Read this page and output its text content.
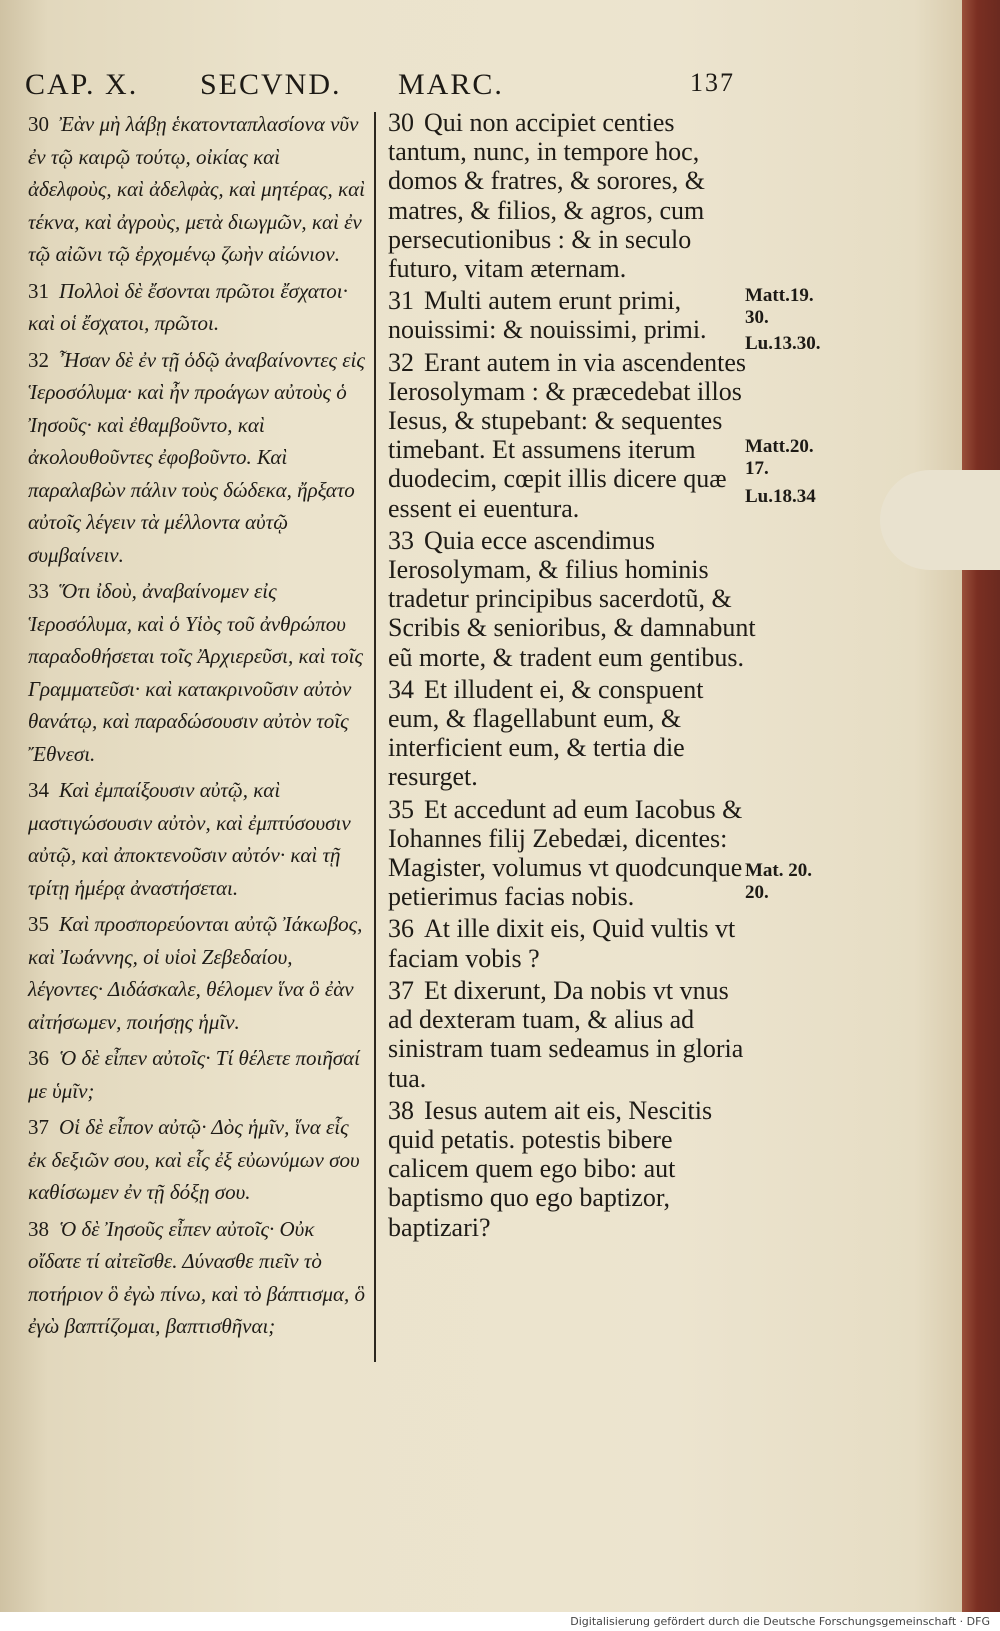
CAP. X. SECVND. MARC.	137
30 Ἐὰν μὴ λάβῃ ἑκατονταπλασίονα νῦν ἐν τῷ καιρῷ τούτῳ, οἰκίας καὶ ἀδελφοὺς, καὶ ἀδελφὰς, καὶ μητέρας, καὶ τέκνα, καὶ ἀγροὺς, μετὰ διωγμῶν, καὶ ἐν τῷ αἰῶνι τῷ ἐρχομένῳ ζωὴν αἰώνιον.
31 Πολλοὶ δὲ ἔσονται πρῶτοι ἔσχατοι· καὶ οἱ ἔσχατοι, πρῶτοι.
32 Ἦσαν δὲ ἐν τῇ ὁδῷ ἀναβαίνοντες εἰς Ἱεροσόλυμα· καὶ ἦν προάγων αὐτοὺς ὁ Ἰησοῦς· καὶ ἐθαμβοῦντο, καὶ ἀκολουθοῦντες ἐφοβοῦντο. Καὶ παραλαβὼν πάλιν τοὺς δώδεκα, ἤρξατο αὐτοῖς λέγειν τὰ μέλλοντα αὐτῷ συμβαίνειν.
33 Ὅτι ἰδοὺ, ἀναβαίνομεν εἰς Ἱεροσόλυμα, καὶ ὁ Υἱὸς τοῦ ἀνθρώπου παραδοθήσεται τοῖς Ἀρχιερεῦσι, καὶ τοῖς Γραμματεῦσι· καὶ κατακρινοῦσιν αὐτὸν θανάτῳ, καὶ παραδώσουσιν αὐτὸν τοῖς Ἔθνεσι.
34 Καὶ ἐμπαίξουσιν αὐτῷ, καὶ μαστιγώσουσιν αὐτὸν, καὶ ἐμπτύσουσιν αὐτῷ, καὶ ἀποκτενοῦσιν αὐτόν· καὶ τῇ τρίτῃ ἡμέρᾳ ἀναστήσεται.
35 Καὶ προσπορεύονται αὐτῷ Ἰάκωβος, καὶ Ἰωάννης, οἱ υἱοὶ Ζεβεδαίου, λέγοντες· Διδάσκαλε, θέλομεν ἵνα ὃ ἐὰν αἰτήσωμεν, ποιήσῃς ἡμῖν.
36 Ὁ δὲ εἶπεν αὐτοῖς· Τί θέλετε ποιῆσαί με ὑμῖν;
37 Οἱ δὲ εἶπον αὐτῷ· Δὸς ἡμῖν, ἵνα εἷς ἐκ δεξιῶν σου, καὶ εἷς ἐξ εὐωνύμων σου καθίσωμεν ἐν τῇ δόξῃ σου.
38 Ὁ δὲ Ἰησοῦς εἶπεν αὐτοῖς· Οὐκ οἴδατε τί αἰτεῖσθε. Δύνασθε πιεῖν τὸ ποτήριον ὃ ἐγὼ πίνω, καὶ τὸ βάπτισμα, ὃ ἐγὼ βαπτίζομαι, βαπτισθῆναι;
30 Qui non accipiet centies tantum, nunc, in tempore hoc, domos & fratres, & sorores, & matres, & filios, & agros, cum persecutionibus : & in seculo futuro, vitam æternam.
31 Multi autem erunt primi, nouissimi: & nouissimi, primi.
32 Erant autem in via ascendentes Ierosolymam : & præcedebat illos Iesus, & stupebant: & sequentes timebant. Et assumens iterum duodecim, cœpit illis dicere quæ essent ei euentura.
33 Quia ecce ascendimus Ierosolymam, & filius hominis tradetur principibus sacerdotũ, & Scribis & senioribus, & damnabunt eũ morte, & tradent eum gentibus.
34 Et illudent ei, & conspuent eum, & flagellabunt eum, & interficient eum, & tertia die resurget.
35 Et accedunt ad eum Iacobus & Iohannes filij Zebedæi, dicentes: Magister, volumus vt quodcunque petierimus facias nobis.
36 At ille dixit eis, Quid vultis vt faciam vobis ?
37 Et dixerunt, Da nobis vt vnus ad dexteram tuam, & alius ad sinistram tuam sedeamus in gloria tua.
38 Iesus autem ait eis, Nescitis quid petatis. potestis bibere calicem quem ego bibo: aut baptismo quo ego baptizor, baptizari?
Matt.19. 30.
Lu.13.30.
Matt.20. 17.
Lu.18.34
Mat. 20. 20.
Digitalisierung gefördert durch die Deutsche Forschungsgemeinschaft · DFG
